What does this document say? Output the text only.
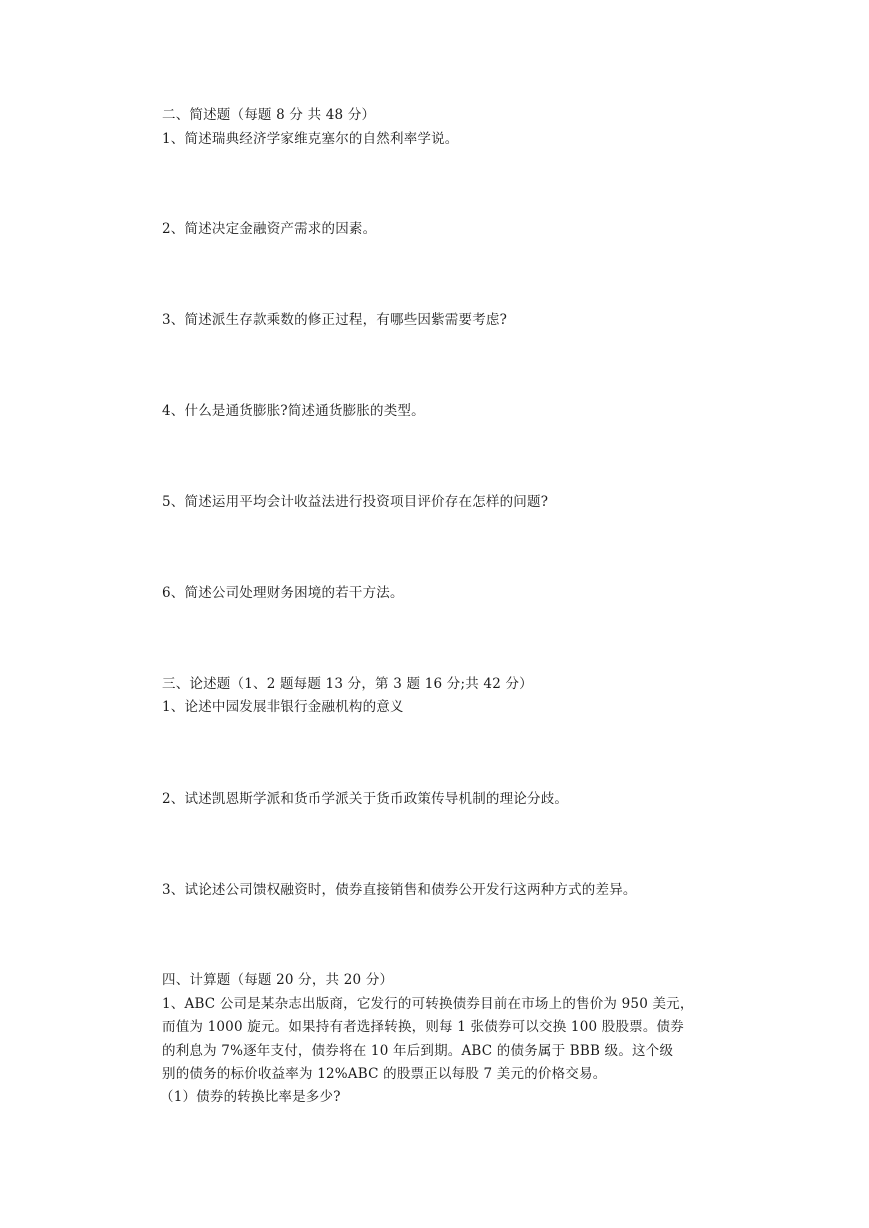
二、简述题（每题 8 分 共 48 分）
1、简述瑞典经济学家维克塞尔的自然利率学说。
2、简述决定金融资产需求的因素。
3、简述派生存款乘数的修正过程，有哪些因紫需要考虑?
4、什么是通货膨胀?简述通货膨胀的类型。
5、简述运用平均会计收益法进行投资项目评价存在怎样的问题?
6、简述公司处理财务困境的若干方法。
三、论述题（1、2 题每题 13 分，第 3 题 16 分;共 42 分）
1、论述中园发展非银行金融机构的意义
2、试述凯恩斯学派和货币学派关于货币政策传导机制的理论分歧。
3、试论述公司馈权融资时，债券直接销售和债券公开发行这两种方式的差异。
四、计算题（每题 20 分，共 20 分）
1、ABC 公司是某杂志出版商，它发行的可转换债券目前在市场上的售价为 950 美元，
而值为 1000 旋元。如果持有者选择转换，则每 1 张债券可以交换 100 股股票。债券
的利息为 7%逐年支付，债券将在 10 年后到期。ABC 的债务属于 BBB 级。这个级
别的债务的标价收益率为 12%ABC 的股票正以每股 7 美元的价格交易。
（1）债券的转换比率是多少?
